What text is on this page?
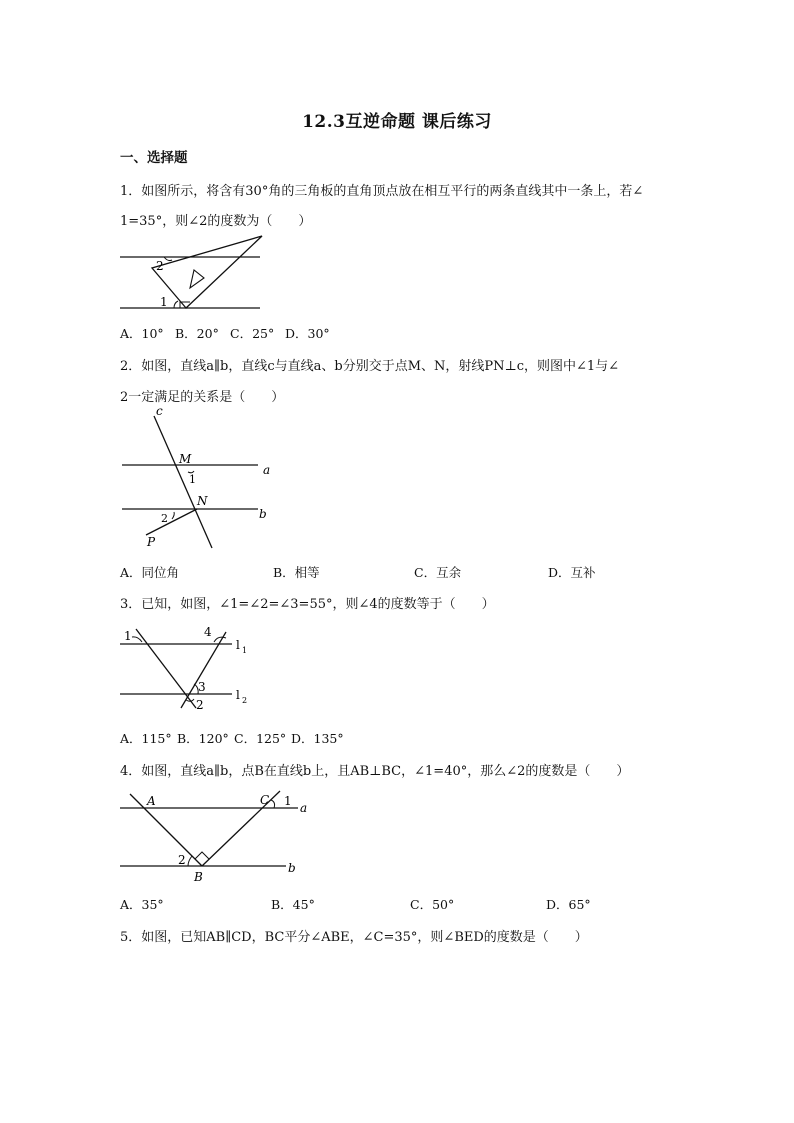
12.3互逆命题 课后练习
一、选择题
1．如图所示，将含有30°角的三角板的直角顶点放在相互平行的两条直线其中一条上，若∠
1=35°，则∠2的度数为（　　）
2
1
A．10° B．20° C．25° D．30°
2．如图，直线a∥b，直线c与直线a、b分别交于点M、N，射线PN⊥c，则图中∠1与∠
2一定满足的关系是（　　）
c
M
1
a
N
2	b
P
A．同位角	B．相等	C．互余	D．互补
3．已知，如图，∠1=∠2=∠3=55°，则∠4的度数等于（　　）
1	4
l 1
3
l 2
2
A．115° B．120° C．125° D．135°
4．如图，直线a∥b，点B在直线b上，且AB⊥BC，∠1=40°，那么∠2的度数是（　　）
A	C 1 a
2
B
b
A．35°	B．45°	C．50°	D．65°
5．如图，已知AB∥CD，BC平分∠ABE，∠C=35°，则∠BED的度数是（　　）
